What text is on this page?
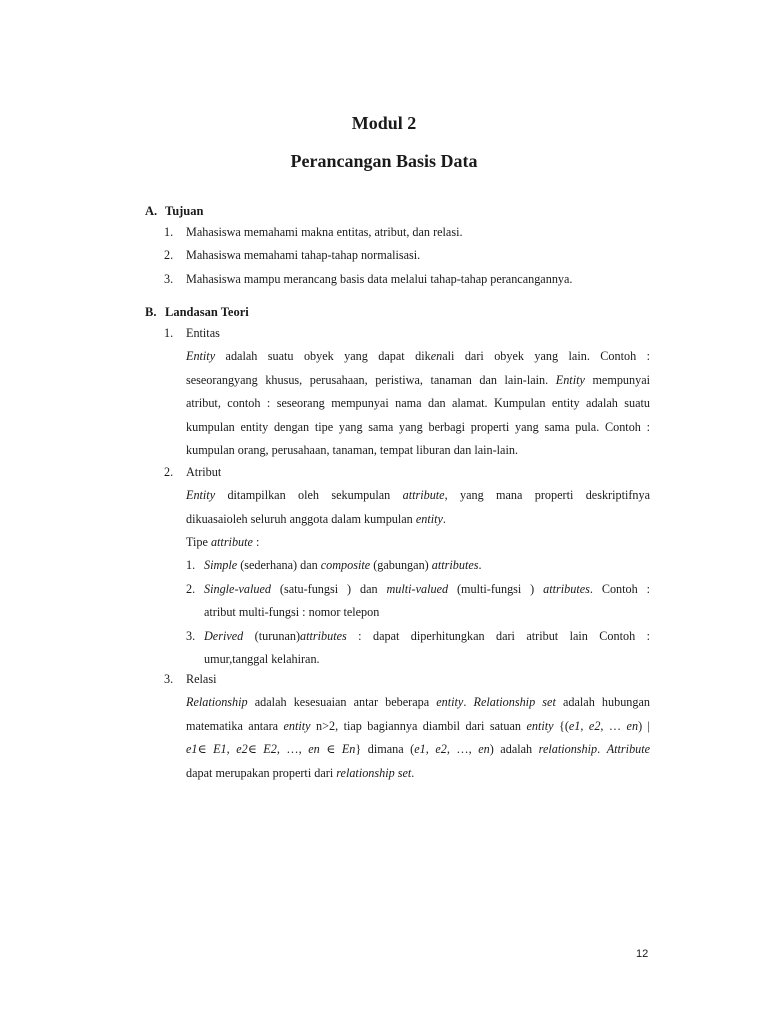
Modul 2
Perancangan Basis Data
A. Tujuan
1. Mahasiswa memahami makna entitas, atribut, dan relasi.
2. Mahasiswa memahami tahap-tahap normalisasi.
3. Mahasiswa mampu merancang basis data melalui tahap-tahap perancangannya.
B. Landasan Teori
1. Entitas
Entity adalah suatu obyek yang dapat dikenali dari obyek yang lain. Contoh :
seseorangyang khusus, perusahaan, peristiwa, tanaman dan lain-lain. Entity mempunyai
atribut, contoh : seseorang mempunyai nama dan alamat. Kumpulan entity adalah suatu
kumpulan entity dengan tipe yang sama yang berbagi properti yang sama pula. Contoh :
kumpulan orang, perusahaan, tanaman, tempat liburan dan lain-lain.
2. Atribut
Entity ditampilkan oleh sekumpulan attribute, yang mana properti deskriptifnya
dikuasaioleh seluruh anggota dalam kumpulan entity.
Tipe attribute :
1. Simple (sederhana) dan composite (gabungan) attributes.
2. Single-valued (satu-fungsi ) dan multi-valued (multi-fungsi ) attributes. Contoh :
atribut multi-fungsi : nomor telepon
3. Derived (turunan)attributes : dapat diperhitungkan dari atribut lain Contoh :
umur,tanggal kelahiran.
3. Relasi
Relationship adalah kesesuaian antar beberapa entity. Relationship set adalah hubungan
matematika antara entity n>2, tiap bagiannya diambil dari satuan entity {(e1, e2, … en) |
e1∈ E1, e2∈ E2, …, en ∈ En} dimana (e1, e2, …, en) adalah relationship. Attribute
dapat merupakan properti dari relationship set.
12
